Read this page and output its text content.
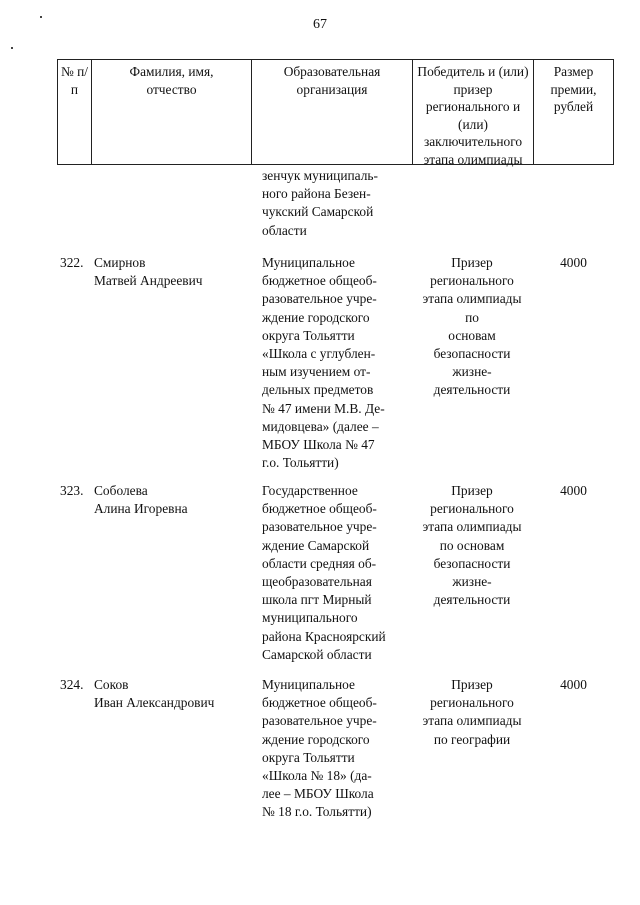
67
№ п/п
Фамилия, имя, отчество
Образовательная организация
Победитель и (или) призер регионального и (или) заключительного этапа олимпиады
Размер премии, рублей
зенчук муниципаль-
ного района Безен-
чукский Самарской
области
322. Смирнов
Матвей Андреевич
Муниципальное
бюджетное общеоб-
разовательное учре-
ждение городского
округа Тольятти
«Школа с углублен-
ным изучением от-
дельных предметов
№ 47 имени М.В. Де-
мидовцева» (далее –
МБОУ Школа № 47
г.о. Тольятти)
Призер
регионального
этапа олимпиады
по
основам
безопасности
жизне-
деятельности
4000
323. Соболева
Алина Игоревна
Государственное
бюджетное общеоб-
разовательное учре-
ждение Самарской
области средняя об-
щеобразовательная
школа пгт Мирный
муниципального
района Красноярский
Самарской области
Призер
регионального
этапа олимпиады
по основам
безопасности
жизне-
деятельности
4000
324. Соков
Иван Александрович
Муниципальное
бюджетное общеоб-
разовательное учре-
ждение городского
округа Тольятти
«Школа № 18» (да-
лее – МБОУ Школа
№ 18 г.о. Тольятти)
Призер
регионального
этапа олимпиады
по географии
4000
